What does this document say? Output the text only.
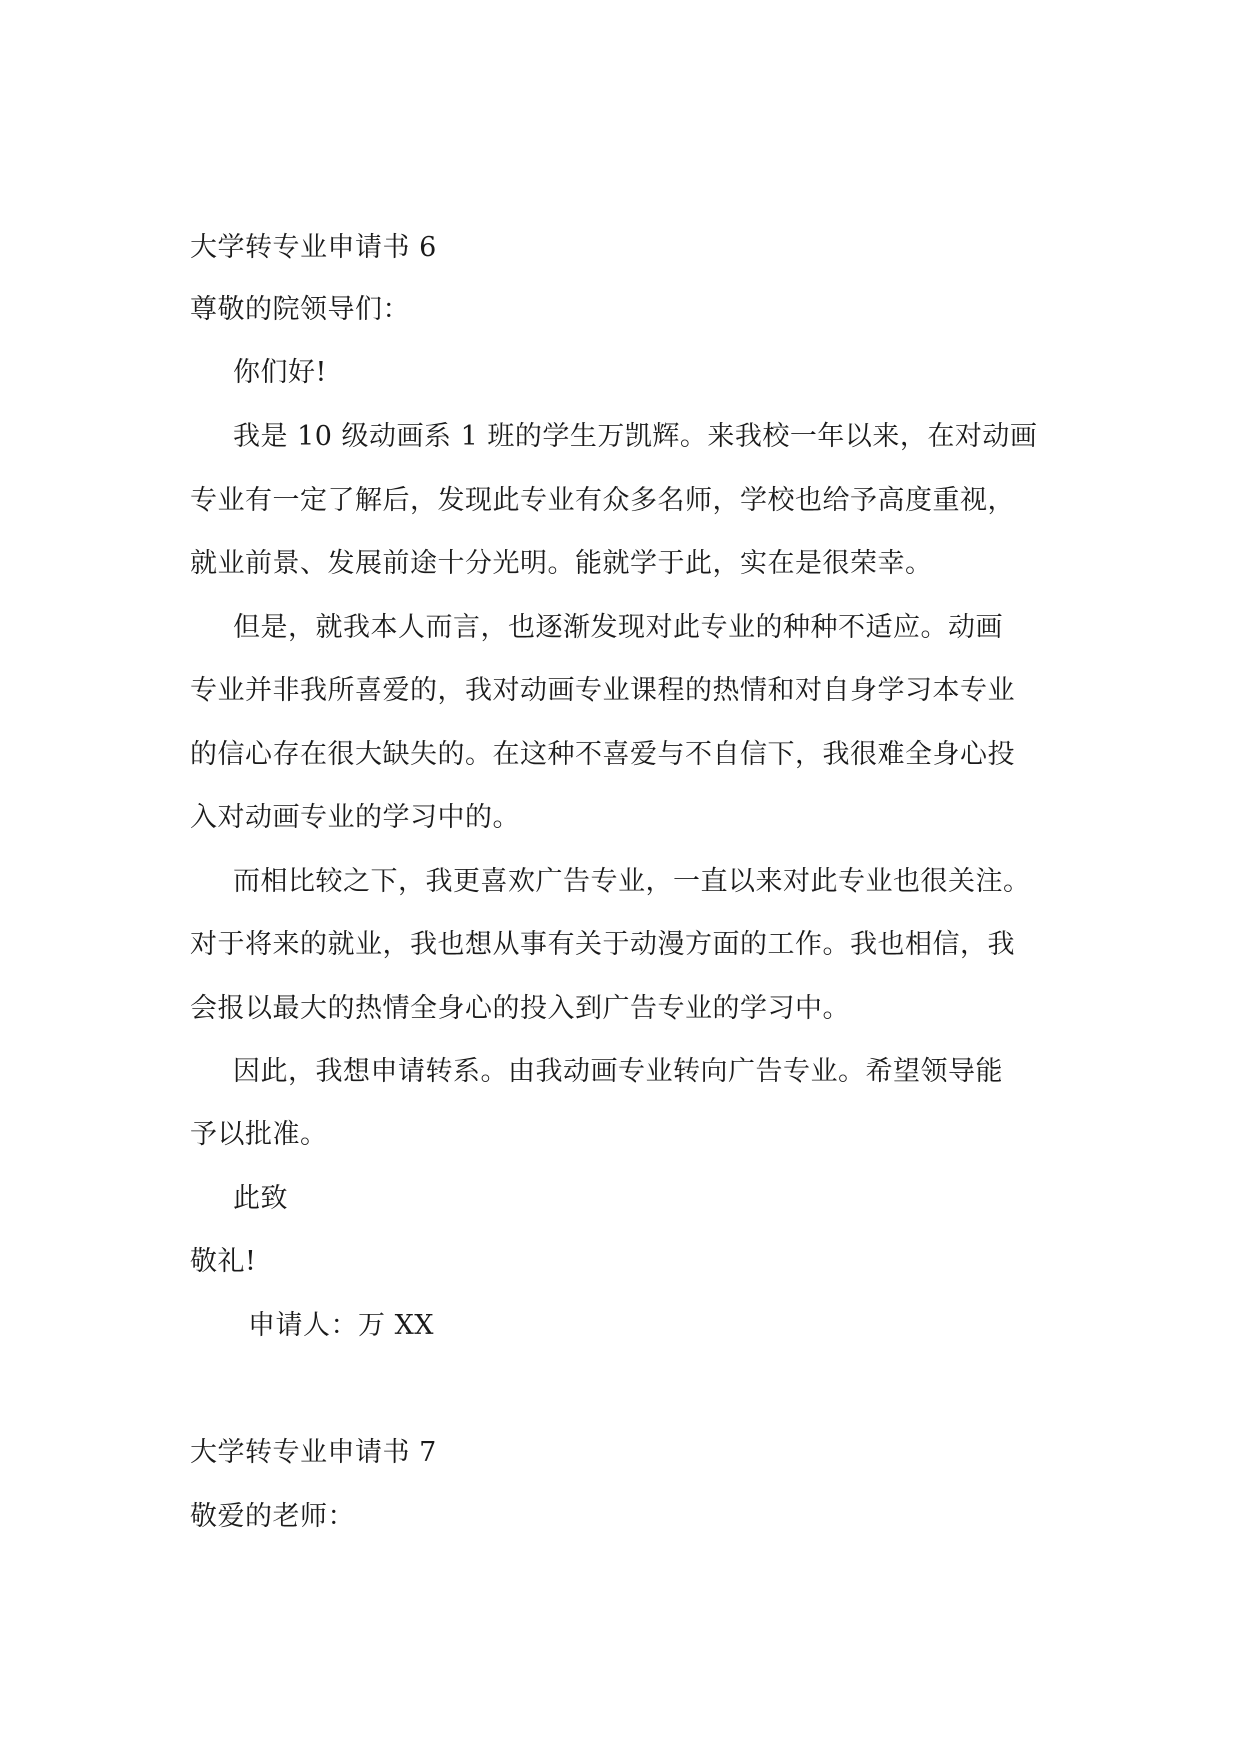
大学转专业申请书 6
尊敬的院领导们：
你们好!
我是 10 级动画系 1 班的学生万凯辉。来我校一年以来，在对动画
专业有一定了解后，发现此专业有众多名师，学校也给予高度重视，
就业前景、发展前途十分光明。能就学于此，实在是很荣幸。
但是，就我本人而言，也逐渐发现对此专业的种种不适应。动画
专业并非我所喜爱的，我对动画专业课程的热情和对自身学习本专业
的信心存在很大缺失的。在这种不喜爱与不自信下，我很难全身心投
入对动画专业的学习中的。
而相比较之下，我更喜欢广告专业，一直以来对此专业也很关注。
对于将来的就业，我也想从事有关于动漫方面的工作。我也相信，我
会报以最大的热情全身心的投入到广告专业的学习中。
因此，我想申请转系。由我动画专业转向广告专业。希望领导能
予以批准。
此致
敬礼!
申请人：万 XX
大学转专业申请书 7
敬爱的老师：
